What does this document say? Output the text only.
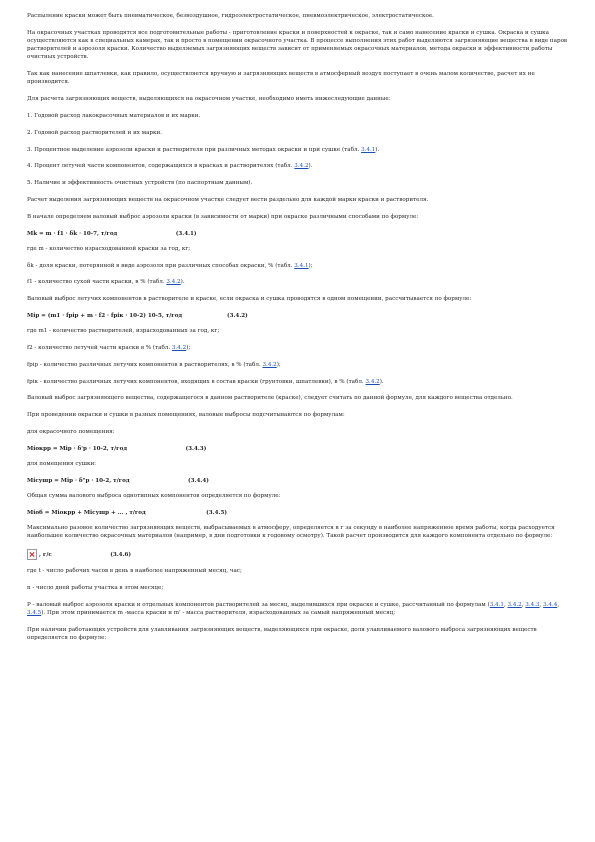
Распыление краски может быть пневматическое, безвоздушное, гидроэлектростатическое, пневмоэлектрическое, электростатическое.
На окрасочных участках проводятся все подготовительные работы - приготовление краски и поверхностей к окраске, так и само нанесение краски и сушка. Окраска и сушка осуществляются как в специальных камерах, так и просто в помещении окрасочного участка. В процессе выполнения этих работ выделяются загрязняющие вещества в виде паров растворителей и аэрозоля краски. Количество выделяемых загрязняющих веществ зависит от применяемых окрасочных материалов, метода окраски и эффективности работы очистных устройств.
Так как нанесение шпатлевки, как правило, осуществляется вручную и загрязняющих веществ в атмосферный воздух поступает в очень малом количестве, расчет их не производится.
Для расчета загрязняющих веществ, выделяющихся на окрасочном участке, необходимо иметь нижеследующие данные:
1. Годовой расход лакокрасочных материалов и их марки.
2. Годовой расход растворителей и их марки.
3. Процентное выделение аэрозоли краски и растворителя при различных методах окраски и при сушке (табл. 3.4.1).
4. Процент летучей части компонентов, содержащихся в красках и растворителях (табл. 3.4.2).
5. Наличие и эффективность очистных устройств (по паспортным данным).
Расчет выделения загрязняющих веществ на окрасочном участке следует вести раздельно для каждой марки краски и растворителя.
В начале определяем валовый выброс аэрозоли краски (в зависимости от марки) при окраске различными способами по формуле:
Мk = m · f1 · δk · 10-7, т/год                              (3.4.1)
где m - количество израсходованной краски за год, кг;
δk - доля краски, потерянной в виде аэрозоля при различных способах окраски, % (табл. 3.4.1);
f1 - количество сухой части краски, в % (табл. 3.4.2).
Валовый выброс летучих компонентов в растворителе и краске, если окраска и сушка проводятся в одном помещении, рассчитывается по формуле:
Мiр = (m1 · fpip + m · f2 · fpiк · 10-2) 10-5, т/год                       (3.4.2)
где m1 - количество растворителей, израсходованных за год, кг;
f2 - количество летучей части краски в % (табл. 3.4.2);
fpip - количество различных летучих компонентов в растворителях, в % (табл. 3.4.2);
fpiк - количество различных летучих компонентов, входящих в состав краски (грунтовки, шпатлевки), в % (табл. 3.4.2).
Валовый выброс загрязняющего вещества, содержащегося в данном растворителе (краске), следует считать по данной формуле, для каждого вещества отдельно.
При проведении окраски и сушки в разных помещениях, валовые выбросы подсчитываются по формулам:
для окрасочного помещения:
Мiокрр = Мiр · δ'р · 10-2, т/год                              (3.4.3)
для помещения сушки:
Мiсушр = Мiр · δ"р · 10-2, т/год                              (3.4.4)
Общая сумма валового выброса однотипных компонентов определяется по формуле:
Мiоб = Мiокрр + Мiсушр + ... , т/год                               (3.4.5)
Максимально разовое количество загрязняющих веществ, выбрасываемых в атмосферу, определяется в г за секунду в наиболее напряженное время работы, когда расходуется наибольшее количество окрасочных материалов (например, в дни подготовки к годовому осмотру). Такой расчет производится для каждого компонента отдельно по формуле:
, г/с                              (3.4.6)
где t - число рабочих часов в день в наиболее напряженный месяц, час;
n - число дней работы участка в этом месяце;
Р - валовый выброс аэрозоля краски и отдельных компонентов растворителей за месяц, выделившихся при окраске и сушке, рассчитанный по формулам (3.4.1, 3.4.2, 3.4.3, 3.4.4, 3.4.5). При этом принимается m -масса краски и m' - масса растворителя, израсходованных за самый напряженный месяц;
При наличии работающих устройств для улавливания загрязняющих веществ, выделяющихся при окраске, доля улавливаемого валового выброса загрязняющих веществ определяется по формуле:
